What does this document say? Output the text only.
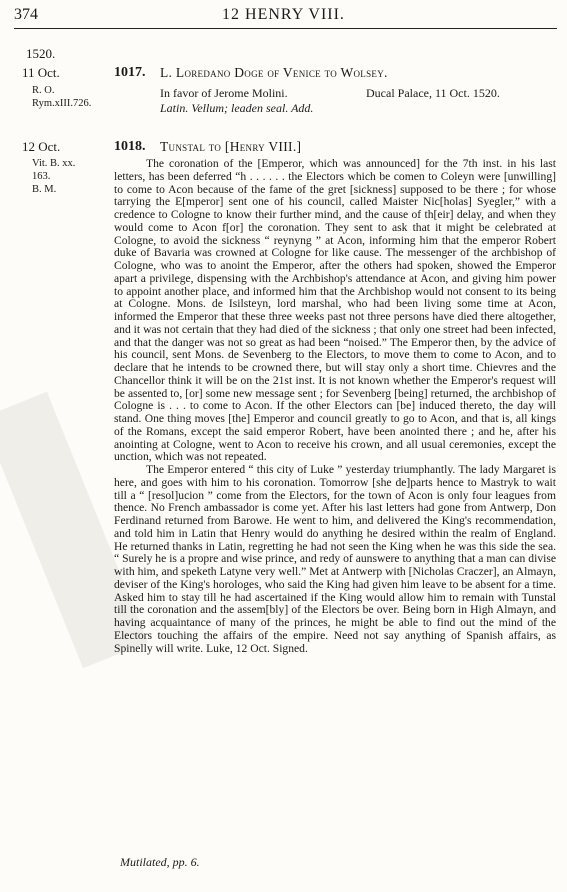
374	12 HENRY VIII.
1520.
11 Oct.
R. O.
Rym.xIII.726.
1017. L. Loredano Doge of Venice to Wolsey.
In favor of Jerome Molini.	Ducal Palace, 11 Oct. 1520.
Latin. Vellum; leaden seal. Add.
12 Oct.
Vit. B. xx.
163.
B. M.
1018. Tunstal to [Henry VIII.]

The coronation of the [Emperor, which was announced] for the 7th inst. in his last letters, has been deferred “h . . . . . . the Electors which be comen to Coleyn were [unwilling] to come to Acon because of the fame of the gret [sickness] supposed to be there ; for whose tarrying the E[mperor] sent one of his council, called Maister Nic[holas] Syegler,” with a credence to Cologne to know their further mind, and the cause of th[eir] delay, and when they would come to Acon f[or] the coronation. They sent to ask that it might be celebrated at Cologne, to avoid the sickness “ reynyng ” at Acon, informing him that the emperor Robert duke of Bavaria was crowned at Cologne for like cause. The messenger of the archbishop of Cologne, who was to anoint the Emperor, after the others had spoken, showed the Emperor apart a privilege, dispensing with the Archbishop's attendance at Acon, and giving him power to appoint another place, and informed him that the Archbishop would not consent to its being at Cologne. Mons. de Isilsteyn, lord marshal, who had been living some time at Acon, informed the Emperor that these three weeks past not three persons have died there altogether, and it was not certain that they had died of the sickness ; that only one street had been infected, and that the danger was not so great as had been “noised.” The Emperor then, by the advice of his council, sent Mons. de Sevenberg to the Electors, to move them to come to Acon, and to declare that he intends to be crowned there, but will stay only a short time. Chievres and the Chancellor think it will be on the 21st inst. It is not known whether the Emperor's request will be assented to, [or] some new message sent ; for Sevenberg [being] returned, the archbishop of Cologne is . . . to come to Acon. If the other Electors can [be] induced thereto, the day will stand. One thing moves [the] Emperor and council greatly to go to Acon, and that is, all kings of the Romans, except the said emperor Robert, have been anointed there ; and he, after his anointing at Cologne, went to Acon to receive his crown, and all usual ceremonies, except the unction, which was not repeated.

The Emperor entered “ this city of Luke ” yesterday triumphantly. The lady Margaret is here, and goes with him to his coronation. Tomorrow [she de]parts hence to Mastryk to wait till a “ [resol]ucion ” come from the Electors, for the town of Acon is only four leagues from thence. No French ambassador is come yet. After his last letters had gone from Antwerp, Don Ferdinand returned from Barowe. He went to him, and delivered the King's recommendation, and told him in Latin that Henry would do anything he desired within the realm of England. He returned thanks in Latin, regretting he had not seen the King when he was this side the sea. “ Surely he is a propre and wise prince, and redy of aunswere to anything that a man can divise with him, and speketh Latyne very well.” Met at Antwerp with [Nicholas Craczer], an Almayn, deviser of the King's horologes, who said the King had given him leave to be absent for a time. Asked him to stay till he had ascertained if the King would allow him to remain with Tunstal till the coronation and the assem[bly] of the Electors be over. Being born in High Almayn, and having acquaintance of many of the princes, he might be able to find out the mind of the Electors touching the affairs of the empire. Need not say anything of Spanish affairs, as Spinelly will write. Luke, 12 Oct. Signed.

Mutilated, pp. 6.
